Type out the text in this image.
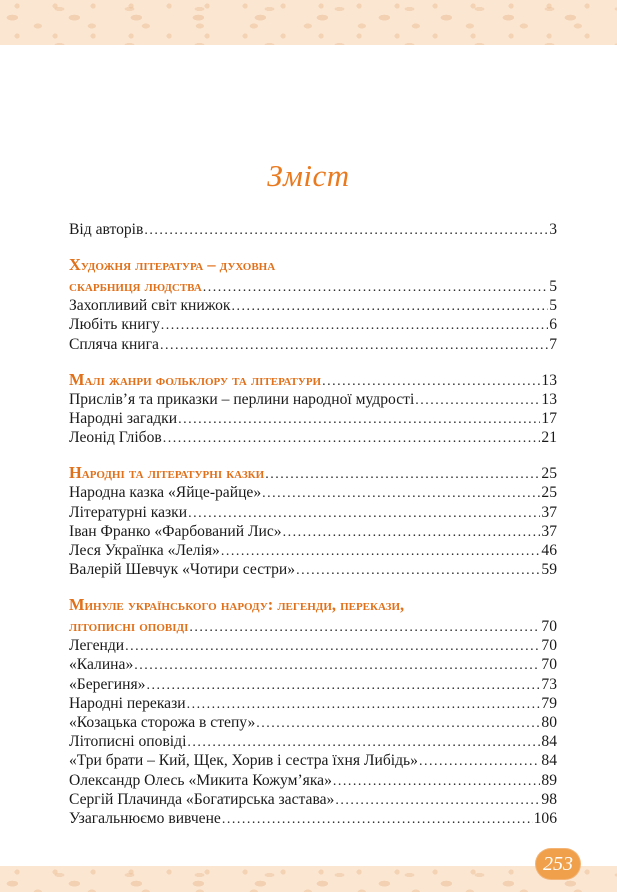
Зміст
Від авторів . . .	3
Художня література – духовна
скарбниця людства . . .	5
Захопливий світ книжок . . .	5
Любіть книгу . . .	6
Спляча книга . . .	7
Малі жанри фольклору та літератури . . .	13
Прислів’я та приказки – перлини народної мудрості . . .	13
Народні загадки . . .	17
Леонід Глібов . . .	21
Народні та літературні казки . . .	25
Народна казка «Яйце-райце» . . .	25
Літературні казки . . .	37
Іван Франко «Фарбований Лис» . . .	37
Леся Українка «Лелія» . . .	46
Валерій Шевчук «Чотири сестри» . . .	59
Минуле українського народу: легенди, перекази,
літописні оповіді . . .	70
Легенди . . .	70
«Калина» . . .	70
«Берегиня» . . .	73
Народні перекази . . .	79
«Козацька сторожа в степу» . . .	80
Літописні оповіді . . .	84
«Три брати – Кий, Щек, Хорив і сестра їхня Либідь» . . .	84
Олександр Олесь «Микита Кожум’яка» . . .	89
Сергій Плачинда «Богатирська застава» . . .	98
Узагальнюємо вивчене . . .	106
253
